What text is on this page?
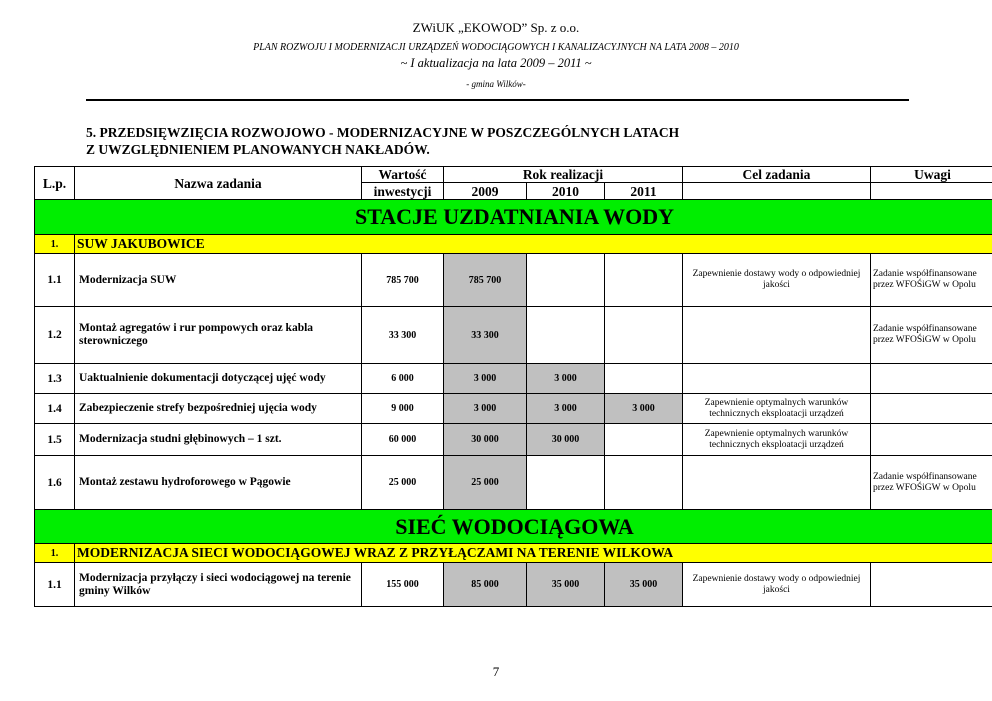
ZWiUK „EKOWOD” Sp. z o.o.
PLAN ROZWOJU I MODERNIZACJI URZĄDZEŃ WODOCIĄGOWYCH I KANALIZACYJNYCH NA LATA 2008 – 2010
~ I aktualizacja na lata 2009 – 2011 ~
- gmina Wilków-
5. PRZEDSIĘWZIĘCIA ROZWOJOWO - MODERNIZACYJNE W POSZCZEGÓLNYCH LATACH
Z UWZGLĘDNIENIEM PLANOWANYCH NAKŁADÓW.
L.p.	Nazwa zadania	Wartość	Rok realizacji			Cel zadania	Uwagi
		inwestycji	2009	2010	2011		
STACJE UZDATNIANIA WODY							
1.	SUW JAKUBOWICE						
1.1	Modernizacja SUW	785 700	785 700			Zapewnienie dostawy wody o odpowiedniej jakości	Zadanie współfinansowane przez WFOŚiGW w Opolu
1.2	Montaż agregatów i rur pompowych oraz kabla sterowniczego	33 300	33 300				Zadanie współfinansowane przez WFOŚiGW w Opolu
1.3	Uaktualnienie dokumentacji dotyczącej ujęć wody	6 000	3 000	3 000			
1.4	Zabezpieczenie strefy bezpośredniej ujęcia wody	9 000	3 000	3 000	3 000	Zapewnienie optymalnych warunków technicznych eksploatacji urządzeń	
1.5	Modernizacja studni głębinowych – 1 szt.	60 000	30 000	30 000		Zapewnienie optymalnych warunków technicznych eksploatacji urządzeń	
1.6	Montaż zestawu hydroforowego w Pągowie	25 000	25 000				Zadanie współfinansowane przez WFOŚiGW w Opolu
SIEĆ WODOCIĄGOWA							
1.	MODERNIZACJA SIECI WODOCIĄGOWEJ WRAZ Z PRZYŁĄCZAMI NA TERENIE WILKOWA						
1.1	Modernizacja przyłączy i sieci wodociągowej na terenie gminy Wilków	155 000	85 000	35 000	35 000	Zapewnienie dostawy wody o odpowiedniej jakości	
7
